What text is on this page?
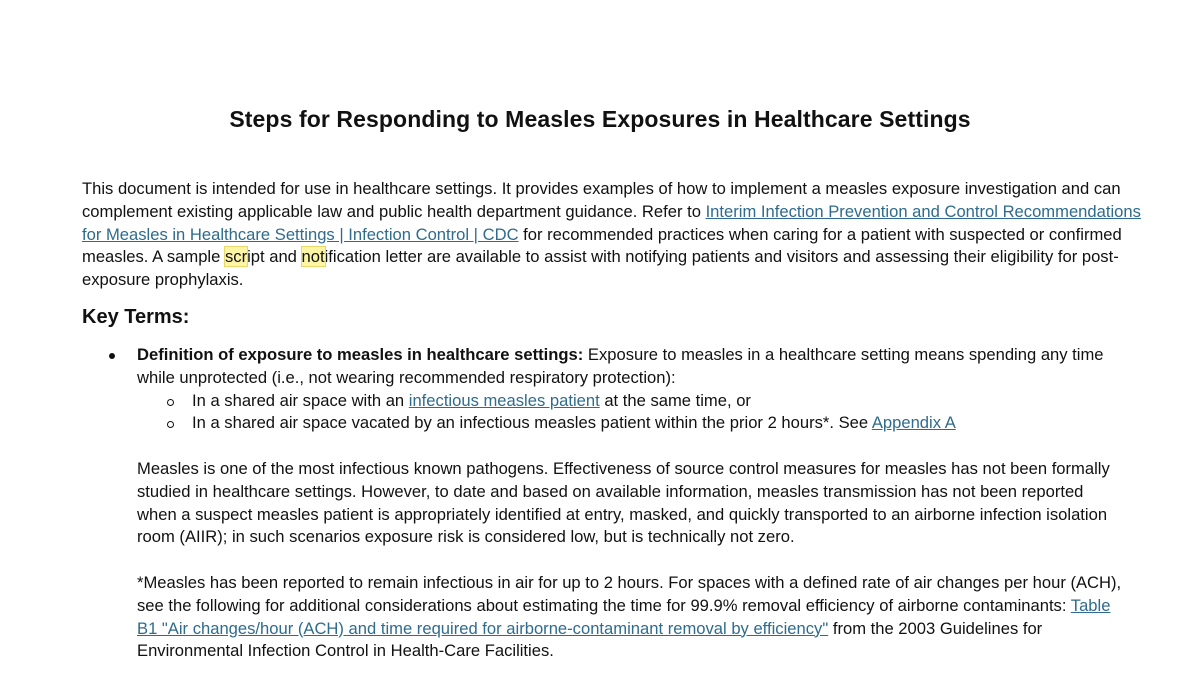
Steps for Responding to Measles Exposures in Healthcare Settings

This document is intended for use in healthcare settings. It provides examples of how to implement a measles exposure investigation and can complement existing applicable law and public health department guidance. Refer to Interim Infection Prevention and Control Recommendations for Measles in Healthcare Settings | Infection Control | CDC for recommended practices when caring for a patient with suspected or confirmed measles. A sample script and notification letter are available to assist with notifying patients and visitors and assessing their eligibility for post-exposure prophylaxis.

Key Terms:

Definition of exposure to measles in healthcare settings: Exposure to measles in a healthcare setting means spending any time while unprotected (i.e., not wearing recommended respiratory protection):

In a shared air space with an infectious measles patient at the same time, or

In a shared air space vacated by an infectious measles patient within the prior 2 hours*. See Appendix A

Measles is one of the most infectious known pathogens. Effectiveness of source control measures for measles has not been formally studied in healthcare settings. However, to date and based on available information, measles transmission has not been reported when a suspect measles patient is appropriately identified at entry, masked, and quickly transported to an airborne infection isolation room (AIIR); in such scenarios exposure risk is considered low, but is technically not zero.

*Measles has been reported to remain infectious in air for up to 2 hours. For spaces with a defined rate of air changes per hour (ACH), see the following for additional considerations about estimating the time for 99.9% removal efficiency of airborne contaminants: Table B1 "Air changes/hour (ACH) and time required for airborne-contaminant removal by efficiency" from the 2003 Guidelines for Environmental Infection Control in Health-Care Facilities.
